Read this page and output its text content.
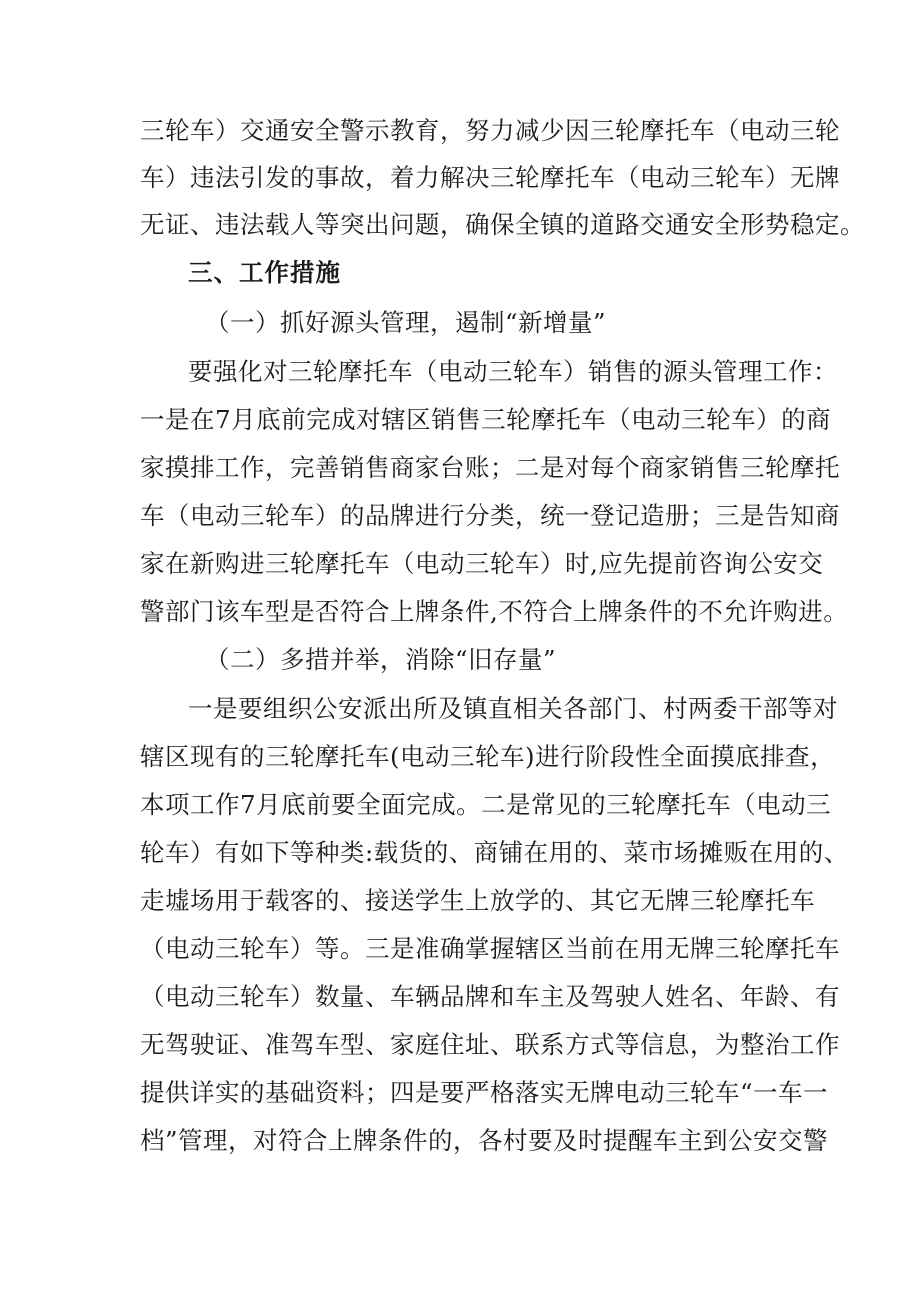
三轮车）交通安全警示教育，努力减少因三轮摩托车（电动三轮
车）违法引发的事故，着力解决三轮摩托车（电动三轮车）无牌
无证、违法载人等突出问题，确保全镇的道路交通安全形势稳定。
三、工作措施
（一）抓好源头管理，遏制“新增量”
要强化对三轮摩托车（电动三轮车）销售的源头管理工作：
一是在7月底前完成对辖区销售三轮摩托车（电动三轮车）的商
家摸排工作，完善销售商家台账；二是对每个商家销售三轮摩托
车（电动三轮车）的品牌进行分类，统一登记造册；三是告知商
家在新购进三轮摩托车（电动三轮车）时,应先提前咨询公安交
警部门该车型是否符合上牌条件,不符合上牌条件的不允许购进。
（二）多措并举，消除“旧存量”
一是要组织公安派出所及镇直相关各部门、村两委干部等对
辖区现有的三轮摩托车(电动三轮车)进行阶段性全面摸底排查，
本项工作7月底前要全面完成。二是常见的三轮摩托车（电动三
轮车）有如下等种类:载货的、商铺在用的、菜市场摊贩在用的、
走墟场用于载客的、接送学生上放学的、其它无牌三轮摩托车
（电动三轮车）等。三是准确掌握辖区当前在用无牌三轮摩托车
（电动三轮车）数量、车辆品牌和车主及驾驶人姓名、年龄、有
无驾驶证、准驾车型、家庭住址、联系方式等信息，为整治工作
提供详实的基础资料；四是要严格落实无牌电动三轮车“一车一
档”管理，对符合上牌条件的，各村要及时提醒车主到公安交警
